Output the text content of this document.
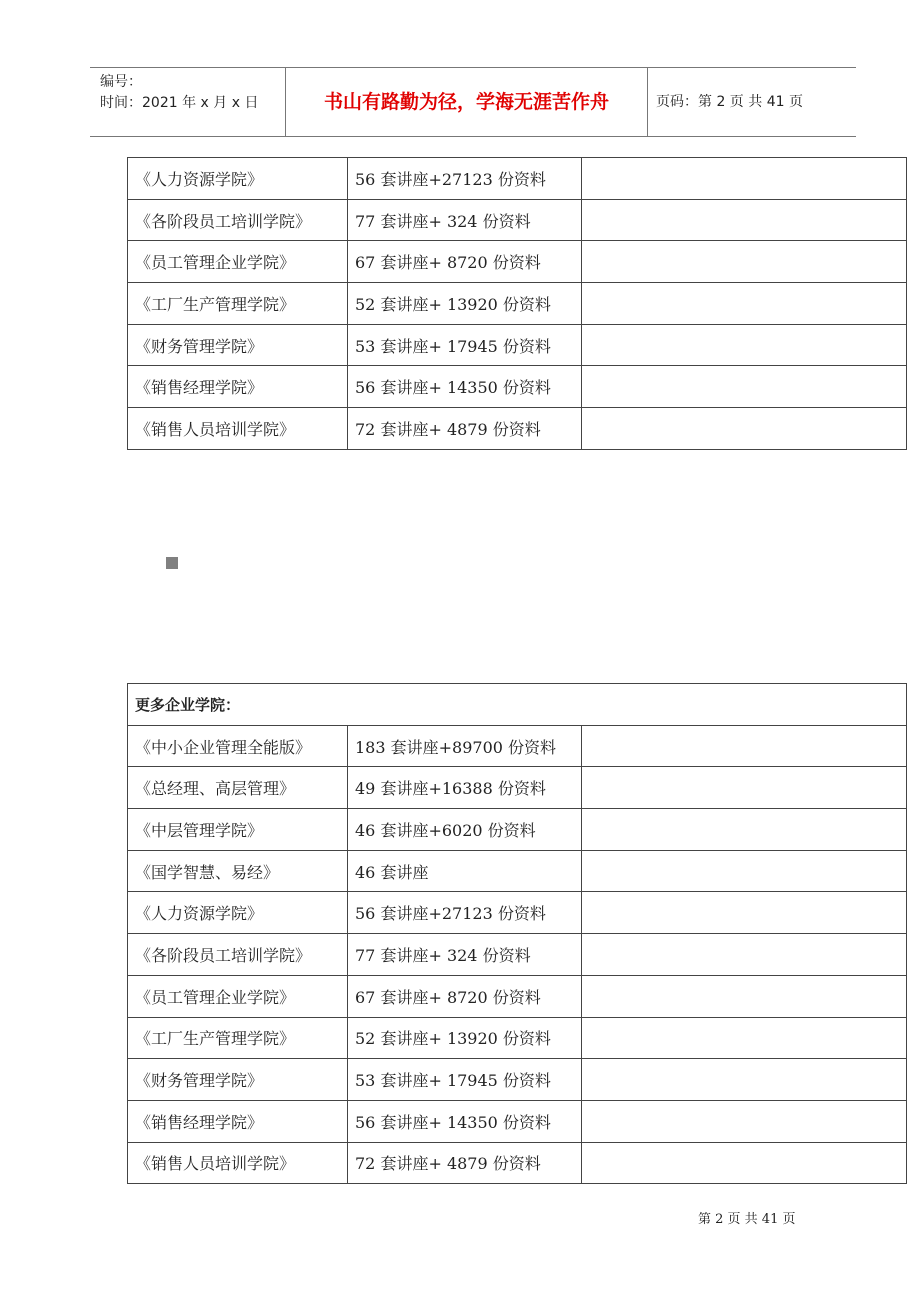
编号：
时间：2021 年 x 月 x 日	书山有路勤为径，学海无涯苦作舟	页码：第 2 页 共 41 页
《人力资源学院》	56 套讲座+27123 份资料	
《各阶段员工培训学院》	77 套讲座+ 324 份资料	
《员工管理企业学院》	67 套讲座+ 8720 份资料	
《工厂生产管理学院》	52 套讲座+ 13920 份资料	
《财务管理学院》	53 套讲座+ 17945 份资料	
《销售经理学院》	56 套讲座+ 14350 份资料	
《销售人员培训学院》	72 套讲座+ 4879 份资料	
更多企业学院：		
《中小企业管理全能版》	183 套讲座+89700 份资料	
《总经理、高层管理》	49 套讲座+16388 份资料	
《中层管理学院》	46 套讲座+6020 份资料	
《国学智慧、易经》	46 套讲座	
《人力资源学院》	56 套讲座+27123 份资料	
《各阶段员工培训学院》	77 套讲座+ 324 份资料	
《员工管理企业学院》	67 套讲座+ 8720 份资料	
《工厂生产管理学院》	52 套讲座+ 13920 份资料	
《财务管理学院》	53 套讲座+ 17945 份资料	
《销售经理学院》	56 套讲座+ 14350 份资料	
《销售人员培训学院》	72 套讲座+ 4879 份资料	
第 2 页 共 41 页
